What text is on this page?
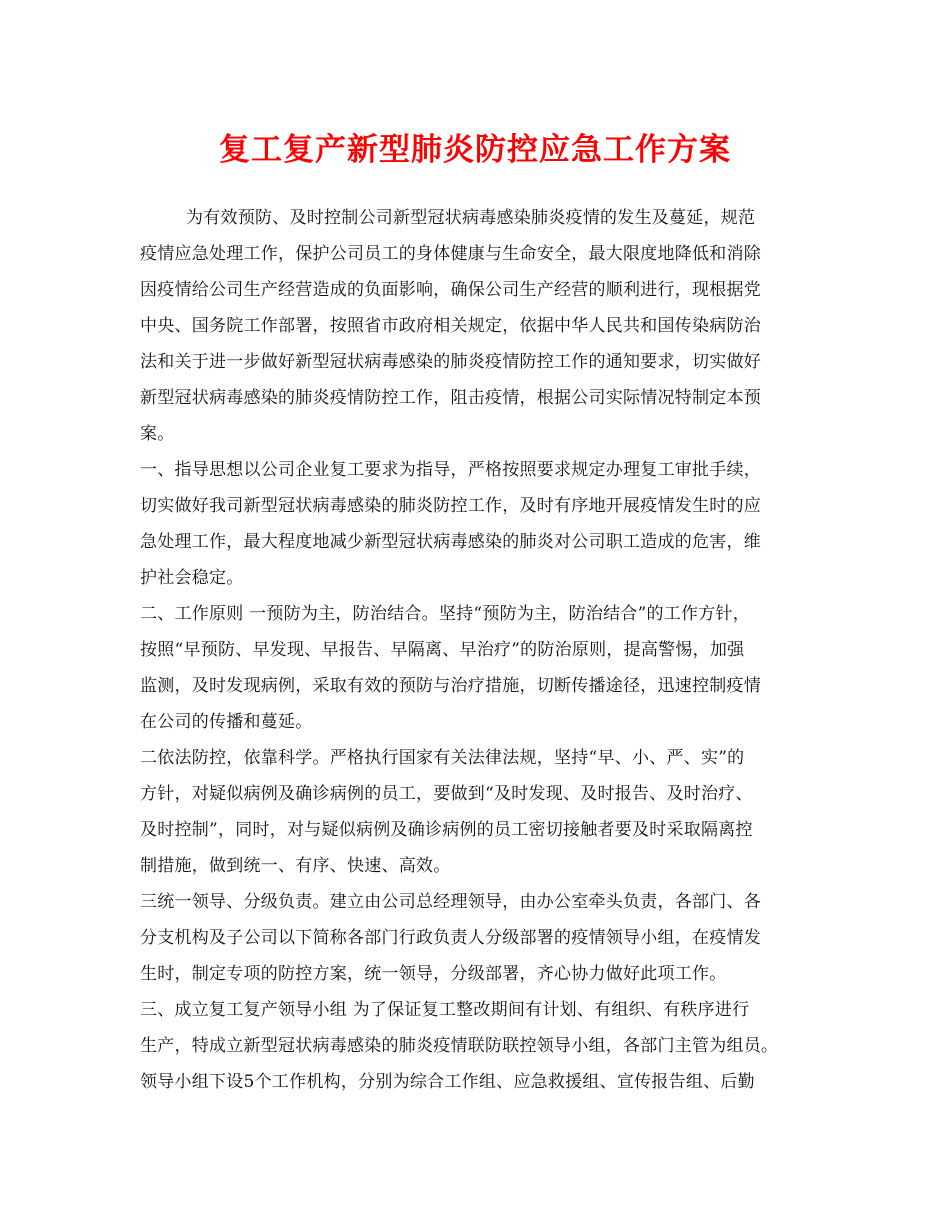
复工复产新型肺炎防控应急工作方案
为有效预防、及时控制公司新型冠状病毒感染肺炎疫情的发生及蔓延，规范
疫情应急处理工作，保护公司员工的身体健康与生命安全，最大限度地降低和消除
因疫情给公司生产经营造成的负面影响，确保公司生产经营的顺利进行，现根据党
中央、国务院工作部署，按照省市政府相关规定，依据中华人民共和国传染病防治
法和关于进一步做好新型冠状病毒感染的肺炎疫情防控工作的通知要求，切实做好
新型冠状病毒感染的肺炎疫情防控工作，阻击疫情，根据公司实际情况特制定本预
案。
一、指导思想以公司企业复工要求为指导，严格按照要求规定办理复工审批手续，
切实做好我司新型冠状病毒感染的肺炎防控工作，及时有序地开展疫情发生时的应
急处理工作，最大程度地减少新型冠状病毒感染的肺炎对公司职工造成的危害，维
护社会稳定。
二、工作原则 一预防为主，防治结合。坚持“预防为主，防治结合”的工作方针，
按照“早预防、早发现、早报告、早隔离、早治疗”的防治原则，提高警惕，加强
监测，及时发现病例，采取有效的预防与治疗措施，切断传播途径，迅速控制疫情
在公司的传播和蔓延。
二依法防控，依靠科学。严格执行国家有关法律法规，坚持“早、小、严、实”的
方针，对疑似病例及确诊病例的员工，要做到“及时发现、及时报告、及时治疗、
及时控制”，同时，对与疑似病例及确诊病例的员工密切接触者要及时采取隔离控
制措施，做到统一、有序、快速、高效。
三统一领导、分级负责。建立由公司总经理领导，由办公室牵头负责，各部门、各
分支机构及子公司以下简称各部门行政负责人分级部署的疫情领导小组，在疫情发
生时，制定专项的防控方案，统一领导，分级部署，齐心协力做好此项工作。
三、成立复工复产领导小组 为了保证复工整改期间有计划、有组织、有秩序进行
生产，特成立新型冠状病毒感染的肺炎疫情联防联控领导小组，各部门主管为组员。
领导小组下设5个工作机构，分别为综合工作组、应急救援组、宣传报告组、后勤
